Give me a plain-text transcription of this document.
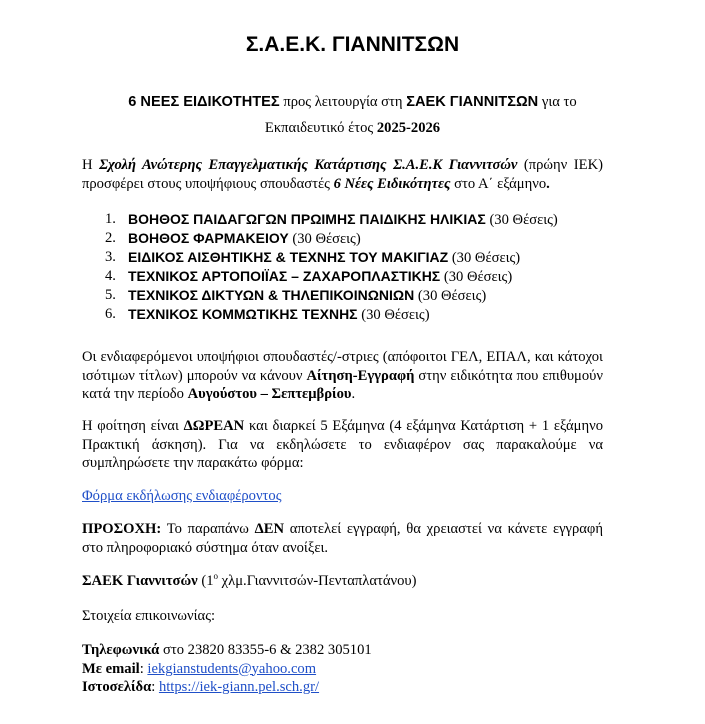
Σ.Α.Ε.Κ. ΓΙΑΝΝΙΤΣΩΝ
6 ΝΕΕΣ ΕΙΔΙΚΟΤΗΤΕΣ προς λειτουργία στη ΣΑΕΚ ΓΙΑΝΝΙΤΣΩΝ για το
Εκπαιδευτικό έτος 2025-2026
Η Σχολή Ανώτερης Επαγγελματικής Κατάρτισης Σ.Α.Ε.Κ Γιαννιτσών (πρώην ΙΕΚ) προσφέρει στους υποψήφιους σπουδαστές 6 Νέες Ειδικότητες στο Α΄ εξάμηνο.
1. ΒΟΗΘΟΣ ΠΑΙΔΑΓΩΓΩΝ ΠΡΩΙΜΗΣ ΠΑΙΔΙΚΗΣ ΗΛΙΚΙΑΣ (30 Θέσεις)
2. ΒΟΗΘΟΣ ΦΑΡΜΑΚΕΙΟΥ (30 Θέσεις)
3. ΕΙΔΙΚΟΣ ΑΙΣΘΗΤΙΚΗΣ & ΤΕΧΝΗΣ ΤΟΥ ΜΑΚΙΓΙΑΖ (30 Θέσεις)
4. ΤΕΧΝΙΚΟΣ ΑΡΤΟΠΟΙΪΑΣ – ΖΑΧΑΡΟΠΛΑΣΤΙΚΗΣ (30 Θέσεις)
5. ΤΕΧΝΙΚΟΣ ΔΙΚΤΥΩΝ & ΤΗΛΕΠΙΚΟΙΝΩΝΙΩΝ (30 Θέσεις)
6. ΤΕΧΝΙΚΟΣ ΚΟΜΜΩΤΙΚΗΣ ΤΕΧΝΗΣ (30 Θέσεις)
Οι ενδιαφερόμενοι υποψήφιοι σπουδαστές/-στριες (απόφοιτοι ΓΕΛ, ΕΠΑΛ, και κάτοχοι ισότιμων τίτλων) μπορούν να κάνουν Αίτηση-Εγγραφή στην ειδικότητα που επιθυμούν κατά την περίοδο Αυγούστου – Σεπτεμβρίου.
Η φοίτηση είναι ΔΩΡΕΑΝ και διαρκεί 5 Εξάμηνα (4 εξάμηνα Κατάρτιση + 1 εξάμηνο Πρακτική άσκηση). Για να εκδηλώσετε το ενδιαφέρον σας παρακαλούμε να συμπληρώσετε την παρακάτω φόρμα:
Φόρμα εκδήλωσης ενδιαφέροντος
ΠΡΟΣΟΧΗ: Το παραπάνω ΔΕΝ αποτελεί εγγραφή, θα χρειαστεί να κάνετε εγγραφή στο πληροφοριακό σύστημα όταν ανοίξει.
ΣΑΕΚ Γιαννιτσών ($1^o$ χλμ.Γιαννιτσών-Πενταπλατάνου)
Στοιχεία επικοινωνίας:

Τηλεφωνικά στο 23820 83355-6 & 2382 305101

Με email: iekgianstudents@yahoo.com

Ιστοσελίδα: https://iek-giann.pel.sch.gr/
